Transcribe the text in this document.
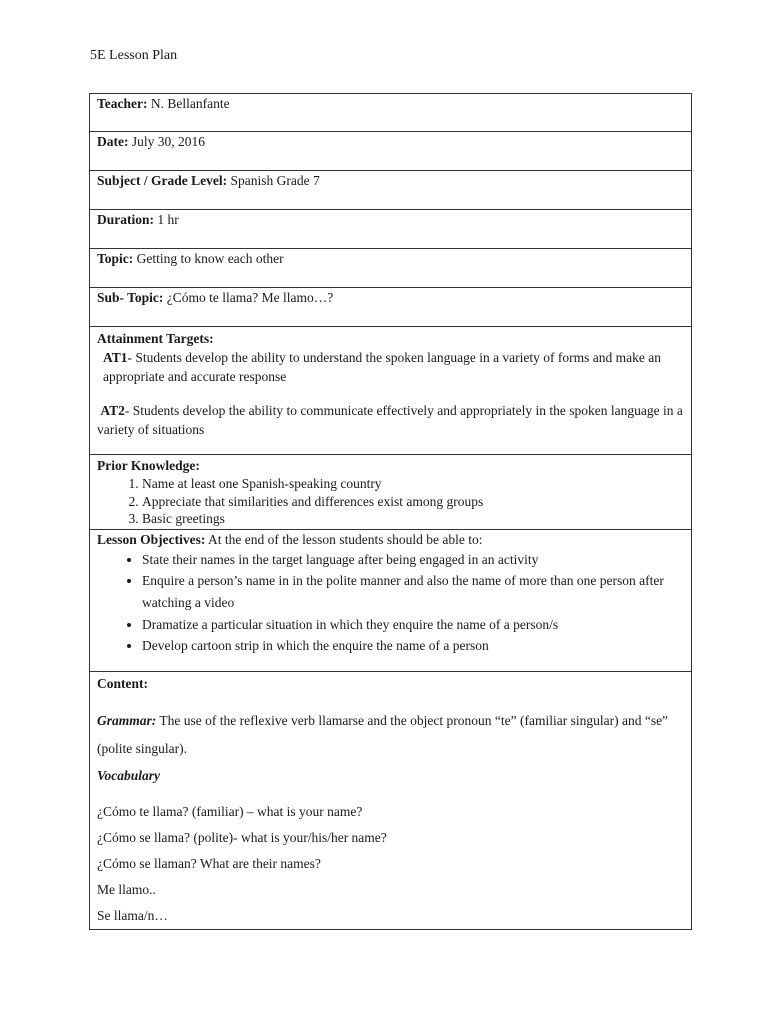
5E Lesson Plan
Teacher: N. Bellanfante
Date: July 30, 2016
Subject / Grade Level: Spanish Grade 7
Duration: 1 hr
Topic: Getting to know each other
Sub- Topic: ¿Cómo te llama? Me llamo…?

Attainment Targets:
AT1- Students develop the ability to understand the spoken language in a variety of forms and make an appropriate and accurate response
AT2- Students develop the ability to communicate effectively and appropriately in the spoken language in a variety of situations

Prior Knowledge:
1. Name at least one Spanish-speaking country
2. Appreciate that similarities and differences exist among groups
3. Basic greetings

Lesson Objectives: At the end of the lesson students should be able to:
• State their names in the target language after being engaged in an activity
• Enquire a person’s name in in the polite manner and also the name of more than one person after watching a video
• Dramatize a particular situation in which they enquire the name of a person/s
• Develop cartoon strip in which the enquire the name of a person

Content:

Grammar: The use of the reflexive verb llamarse and the object pronoun “te” (familiar singular) and “se” (polite singular).

Vocabulary

¿Cómo te llama? (familiar) – what is your name?

¿Cómo se llama? (polite)- what is your/his/her name?

¿Cómo se llaman? What are their names?

Me llamo..

Se llama/n…
